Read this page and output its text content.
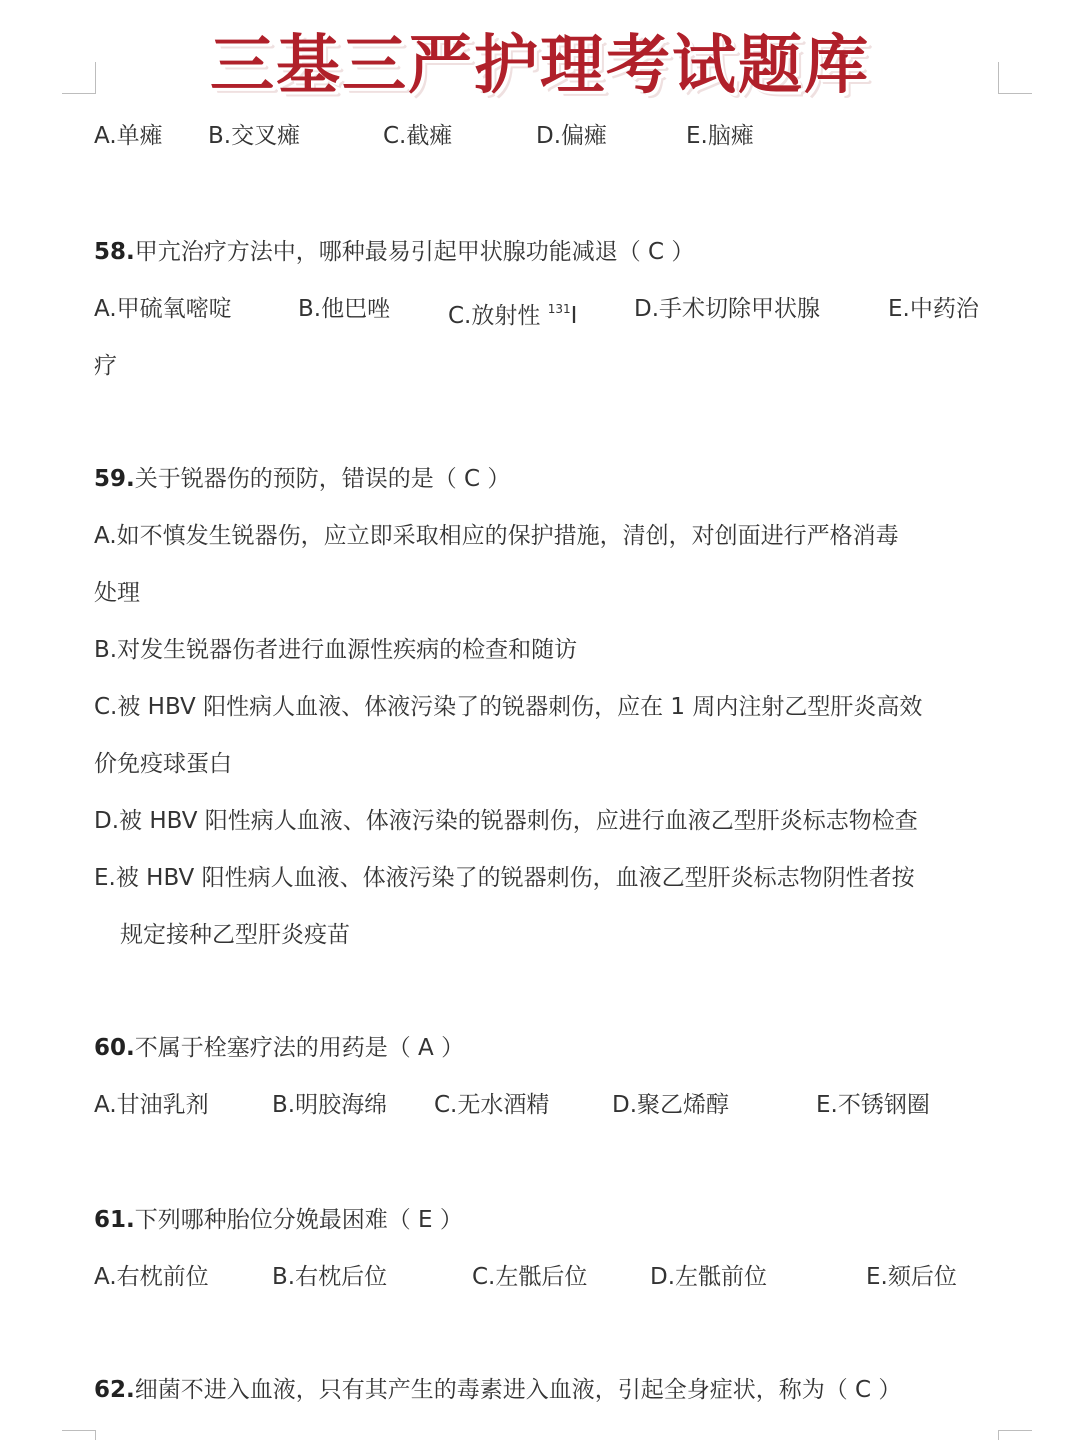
三基三严护理考试题库
A.单瘫 B.交叉瘫	C.截瘫	D.偏瘫	E.脑瘫
58.甲亢治疗方法中，哪种最易引起甲状腺功能减退（ C ）
A.甲硫氧嘧啶	B.他巴唑	C.放射性 $^{131}$I D.手术切除甲状腺	E.中药治
疗
59.关于锐器伤的预防，错误的是（ C ）
A.如不慎发生锐器伤，应立即采取相应的保护措施，清创，对创面进行严格消毒
处理
B.对发生锐器伤者进行血源性疾病的检查和随访
C.被 HBV 阳性病人血液、体液污染了的锐器刺伤，应在 1 周内注射乙型肝炎高效
价免疫球蛋白
D.被 HBV 阳性病人血液、体液污染的锐器刺伤，应进行血液乙型肝炎标志物检查
E.被 HBV 阳性病人血液、体液污染了的锐器刺伤，血液乙型肝炎标志物阴性者按
规定接种乙型肝炎疫苗
60.不属于栓塞疗法的用药是（ A ）
A.甘油乳剂	B.明胶海绵 C.无水酒精	D.聚乙烯醇	E.不锈钢圈
61.下列哪种胎位分娩最困难（ E ）
A.右枕前位	B.右枕后位	C.左骶后位	D.左骶前位	E.颏后位
62.细菌不进入血液，只有其产生的毒素进入血液，引起全身症状，称为（ C ）
